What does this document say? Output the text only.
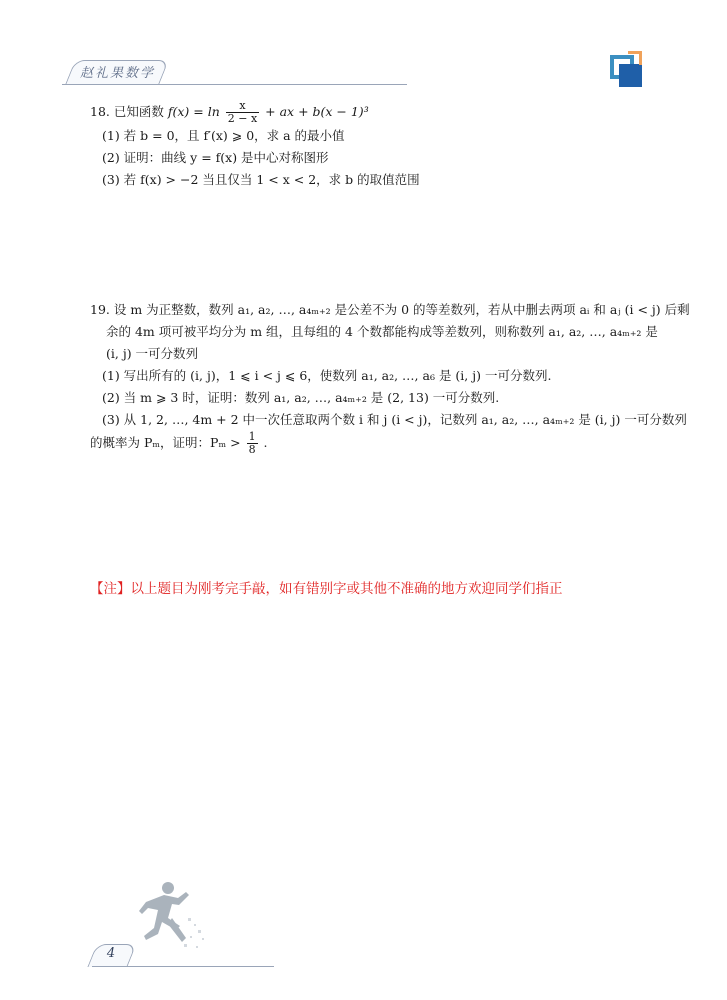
赵礼果数学
18. 已知函数 $f(x) = \ln \frac{x}{2 - x}$ + ax + b(x − 1)³
(1) 若 b = 0，且 f′(x) ⩾ 0，求 a 的最小值
(2) 证明：曲线 y = f(x) 是中心对称图形
(3) 若 f(x) > −2 当且仅当 1 < x < 2，求 b 的取值范围
19. 设 m 为正整数，数列 a₁, a₂, …, a₄ₘ₊₂ 是公差不为 0 的等差数列，若从中删去两项 aᵢ 和 aⱼ (i < j) 后剩
余的 4m 项可被平均分为 m 组，且每组的 4 个数都能构成等差数列，则称数列 a₁, a₂, …, a₄ₘ₊₂ 是
(i, j) 一可分数列
(1) 写出所有的 (i, j)，1 ⩽ i < j ⩽ 6，使数列 a₁, a₂, …, a₆ 是 (i, j) 一可分数列.
(2) 当 m ⩾ 3 时，证明：数列 a₁, a₂, …, a₄ₘ₊₂ 是 (2, 13) 一可分数列.
(3) 从 1, 2, …, 4m + 2 中一次任意取两个数 i 和 j (i < j)，记数列 a₁, a₂, …, a₄ₘ₊₂ 是 (i, j) 一可分数列
的概率为 Pₘ，证明：$P_m > \frac{1}{8}$ .
【注】以上题目为刚考完手敲，如有错别字或其他不准确的地方欢迎同学们指正
4
